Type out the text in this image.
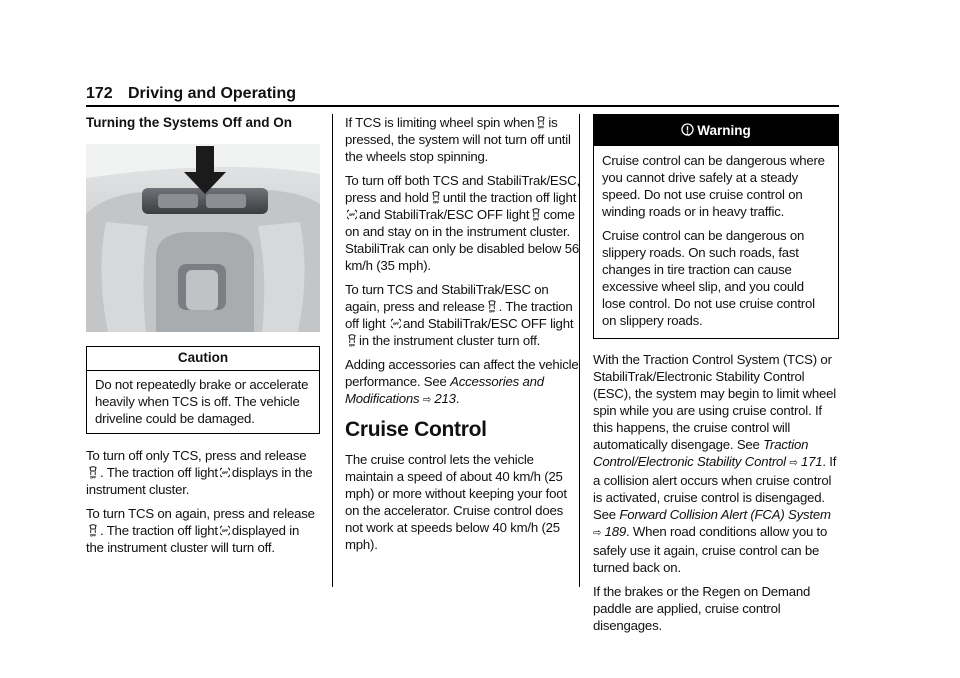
172 Driving and Operating
Turning the Systems Off and On
Caution

Do not repeatedly brake or accelerate heavily when TCS is off. The vehicle driveline could be damaged.

To turn off only TCS, press and release. The traction off light displays in the instrument cluster.

To turn TCS on again, press and release. The traction off light displayed in the instrument cluster will turn off.

If TCS is limiting wheel spin when is pressed, the system will not turn off until the wheels stop spinning.

To turn off both TCS and StabiliTrak/ESC, press and hold until the traction off light and StabiliTrak/ESC OFF light come on and stay on in the instrument cluster. StabiliTrak can only be disabled below 56 km/h (35 mph).

To turn TCS and StabiliTrak/ESC on again, press and release . The traction off light and StabiliTrak/ESC OFF lightin the instrument cluster turn off.

Adding accessories can affect the vehicle performance. See Accessories and Modifications ⇨ 213.

Cruise Control

The cruise control lets the vehicle maintain a speed of about 40 km/h (25 mph) or more without keeping your foot on the accelerator. Cruise control does not work at speeds below 40 km/h (25 mph).

Warning

Cruise control can be dangerous where you cannot drive safely at a steady speed. Do not use cruise control on winding roads or in heavy traffic.

Cruise control can be dangerous on slippery roads. On such roads, fast changes in tire traction can cause excessive wheel slip, and you could lose control. Do not use cruise control on slippery roads.

With the Traction Control System (TCS) or StabiliTrak/Electronic Stability Control (ESC), the system may begin to limit wheel spin while you are using cruise control. If this happens, the cruise control will automatically disengage. See Traction Control/Electronic Stability Control ⇨ 171. If a collision alert occurs when cruise control is activated, cruise control is disengaged. See Forward Collision Alert (FCA) System ⇨ 189. When road conditions allow you to safely use it again, cruise control can be turned back on.

If the brakes or the Regen on Demand paddle are applied, cruise control disengages.
